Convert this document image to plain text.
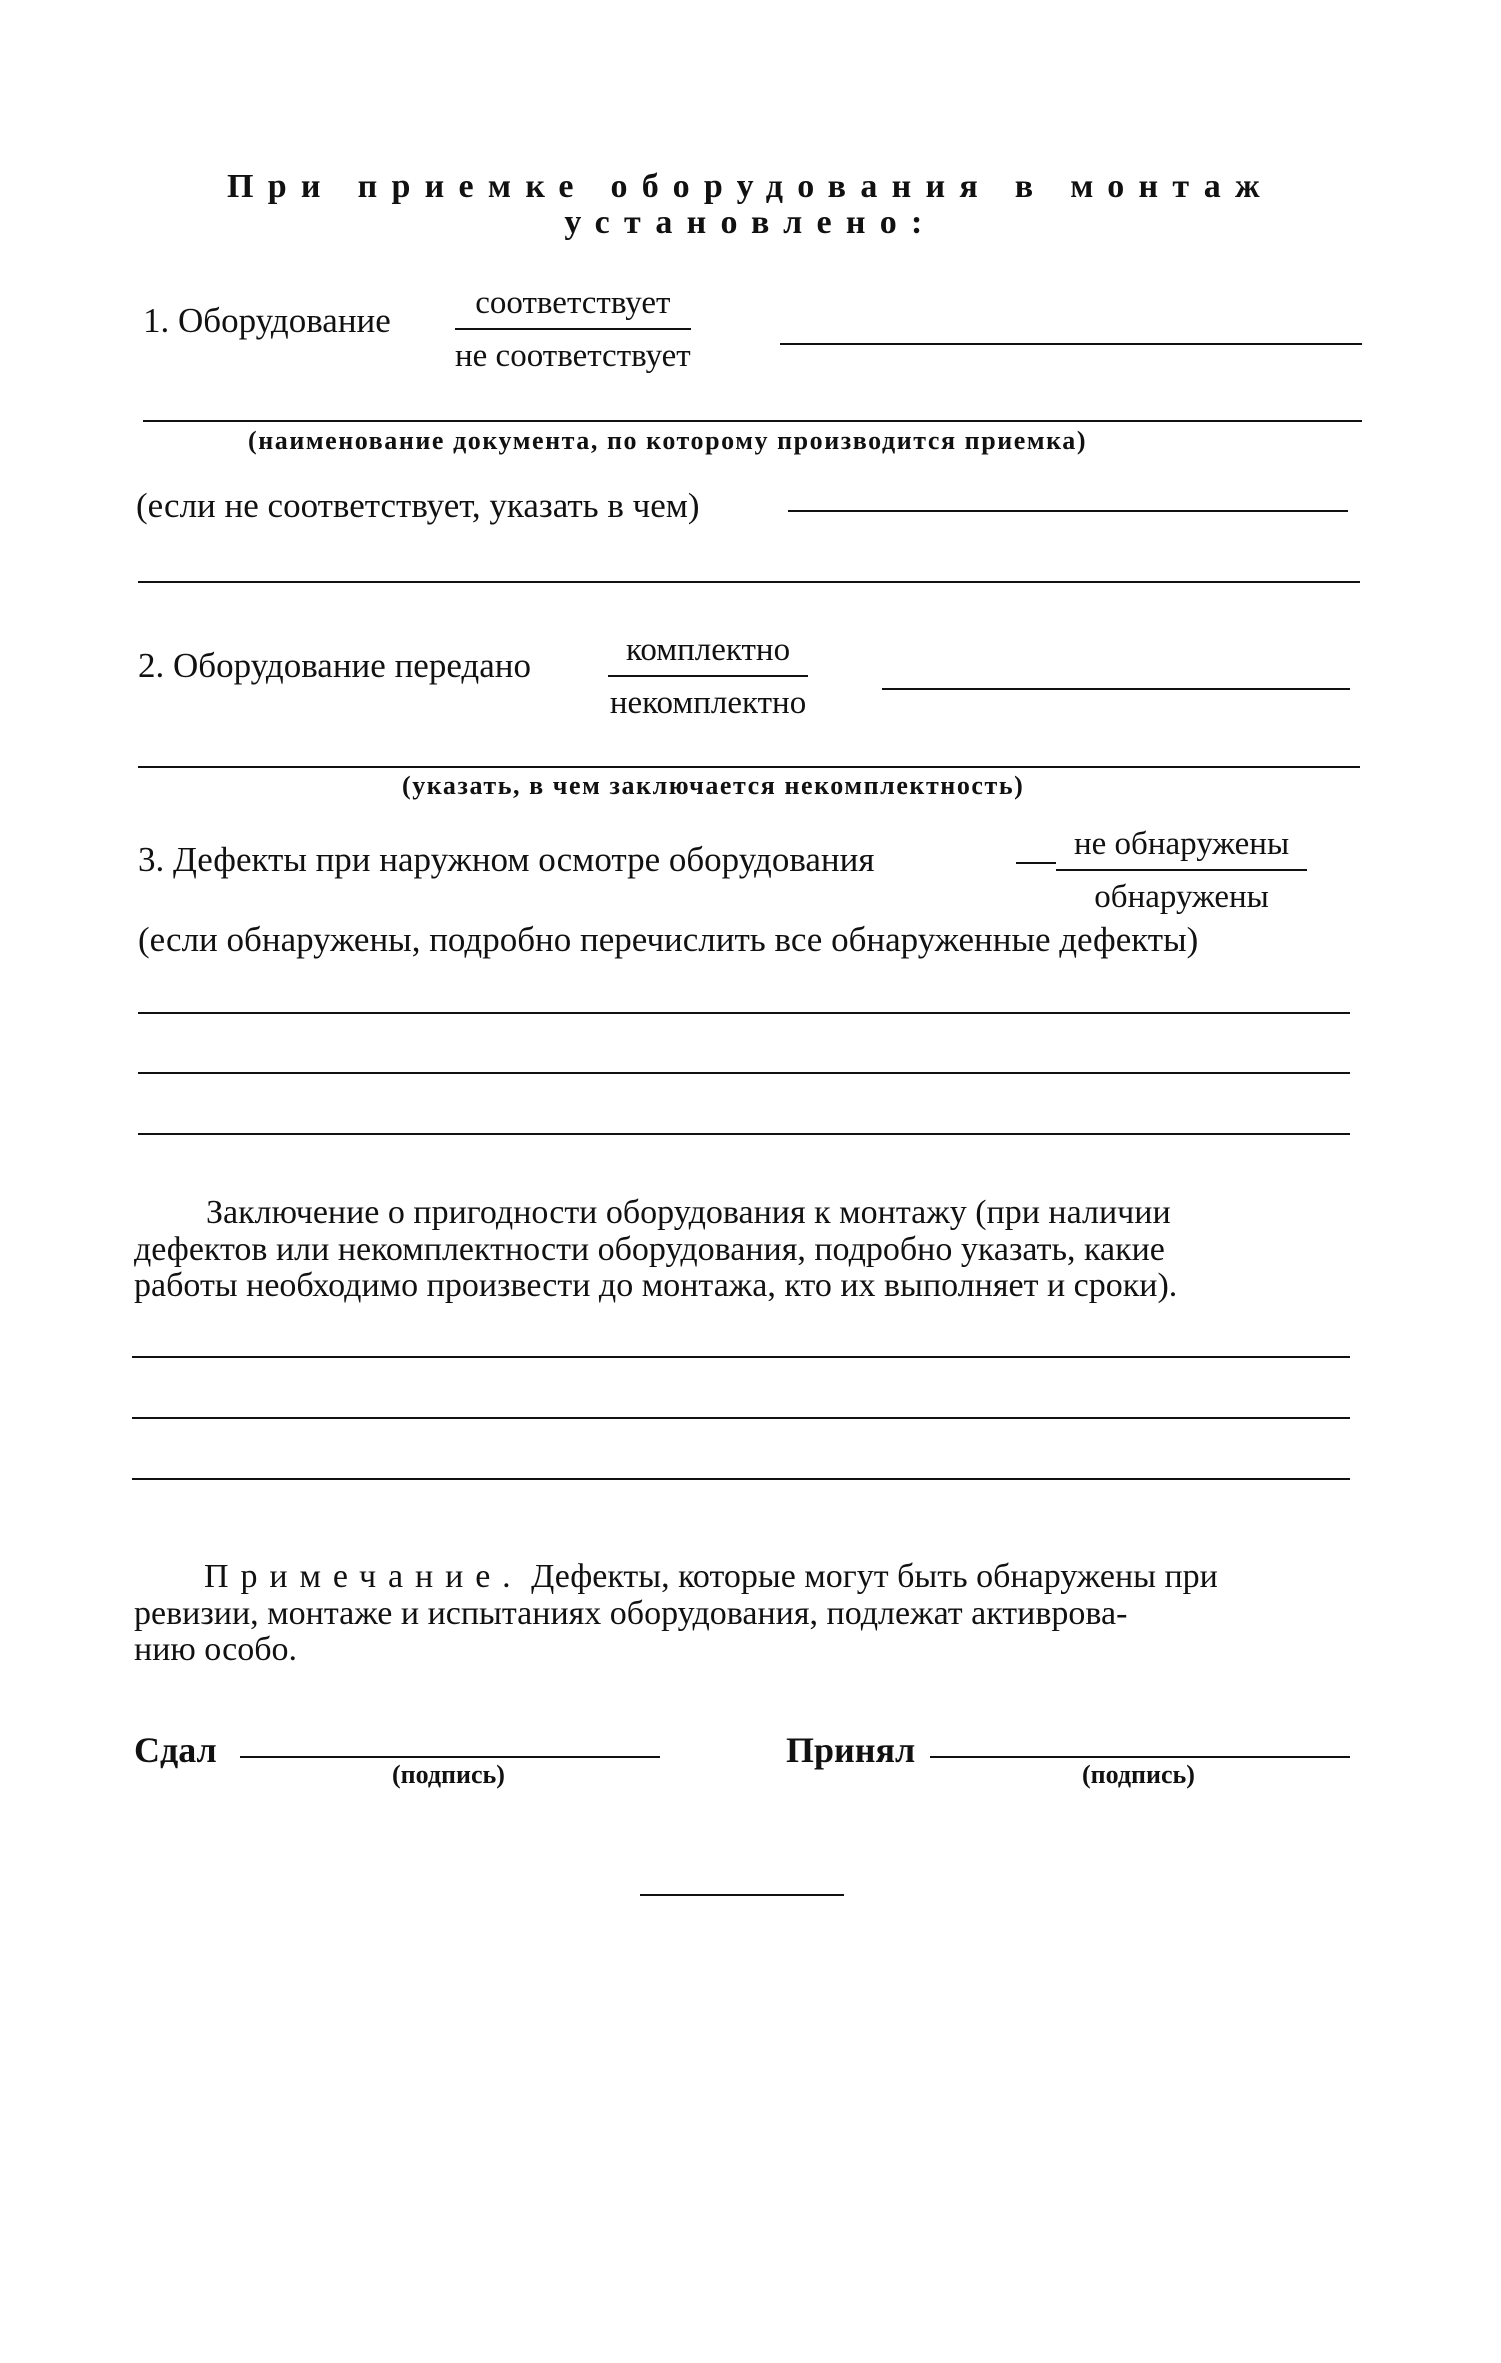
При приемке оборудования в монтаж
установлено:
1. Оборудование	соответствует
не соответствует
(наименование документа, по которому производится приемка)
(если не соответствует, указать в чем)
2. Оборудование передано	комплектно
некомплектно
(указать, в чем заключается некомплектность)
3. Дефекты при наружном осмотре оборудования	не обнаружены
обнаружены
(если обнаружены, подробно перечислить все обнаруженные дефекты)
Заключение о пригодности оборудования к монтажу (при наличии
дефектов или некомплектности оборудования, подробно указать, какие
работы необходимо произвести до монтажа, кто их выполняет и сроки).
Примечание. Дефекты, которые могут быть обнаружены при
ревизии, монтаже и испытаниях оборудования, подлежат активрова-
нию особо.
Сдал
(подпись)
Принял
(подпись)
